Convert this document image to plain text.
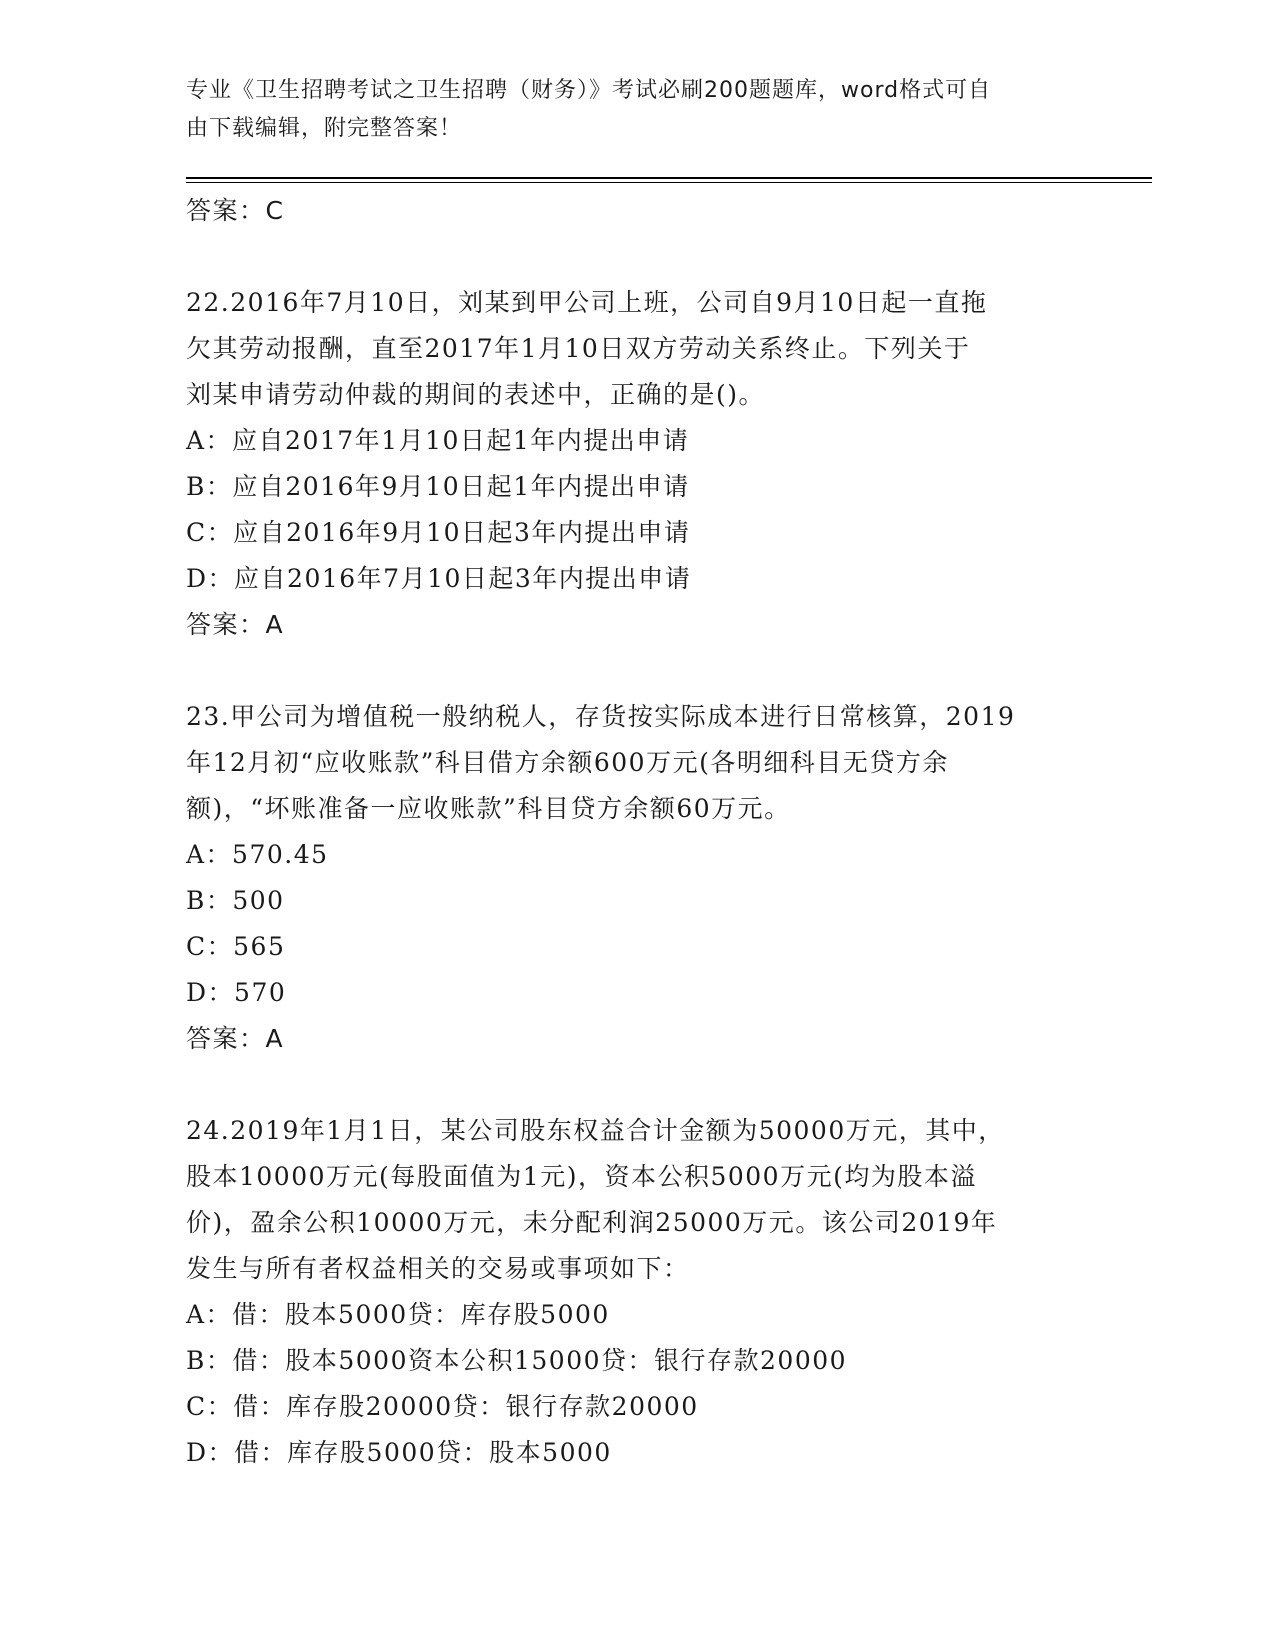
专业《卫生招聘考试之卫生招聘（财务）》考试必刷200题题库，word格式可自
由下载编辑，附完整答案！
答案：C
22.2016年7月10日，刘某到甲公司上班，公司自9月10日起一直拖
欠其劳动报酬，直至2017年1月10日双方劳动关系终止。下列关于
刘某申请劳动仲裁的期间的表述中，正确的是()。
A：应自2017年1月10日起1年内提出申请
B：应自2016年9月10日起1年内提出申请
C：应自2016年9月10日起3年内提出申请
D：应自2016年7月10日起3年内提出申请
答案：A
23.甲公司为增值税一般纳税人，存货按实际成本进行日常核算，2019
年12月初“应收账款”科目借方余额600万元(各明细科目无贷方余
额)，“坏账准备一应收账款”科目贷方余额60万元。
A：570.45
B：500
C：565
D：570
答案：A
24.2019年1月1日，某公司股东权益合计金额为50000万元，其中，
股本10000万元(每股面值为1元)，资本公积5000万元(均为股本溢
价)，盈余公积10000万元，未分配利润25000万元。该公司2019年
发生与所有者权益相关的交易或事项如下：
A：借：股本5000贷：库存股5000
B：借：股本5000资本公积15000贷：银行存款20000
C：借：库存股20000贷：银行存款20000
D：借：库存股5000贷：股本5000
